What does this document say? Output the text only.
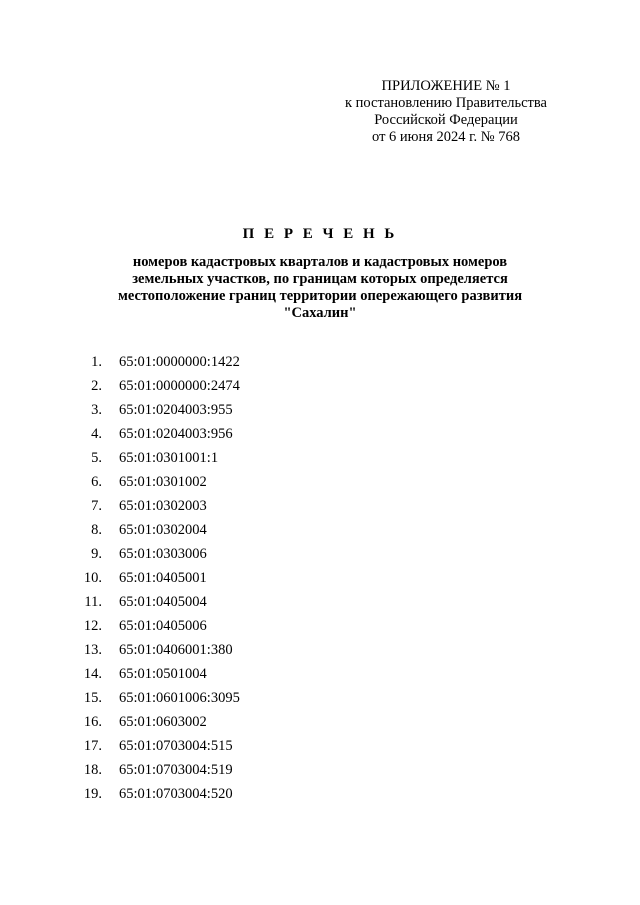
ПРИЛОЖЕНИЕ № 1
к постановлению Правительства
Российской Федерации
от 6 июня 2024 г. № 768
П Е Р Е Ч Е Н Ь
номеров кадастровых кварталов и кадастровых номеров
земельных участков, по границам которых определяется
местоположение границ территории опережающего развития
"Сахалин"
1. 65:01:0000000:1422
2. 65:01:0000000:2474
3. 65:01:0204003:955
4. 65:01:0204003:956
5. 65:01:0301001:1
6. 65:01:0301002
7. 65:01:0302003
8. 65:01:0302004
9. 65:01:0303006
10. 65:01:0405001
11. 65:01:0405004
12. 65:01:0405006
13. 65:01:0406001:380
14. 65:01:0501004
15. 65:01:0601006:3095
16. 65:01:0603002
17. 65:01:0703004:515
18. 65:01:0703004:519
19. 65:01:0703004:520
